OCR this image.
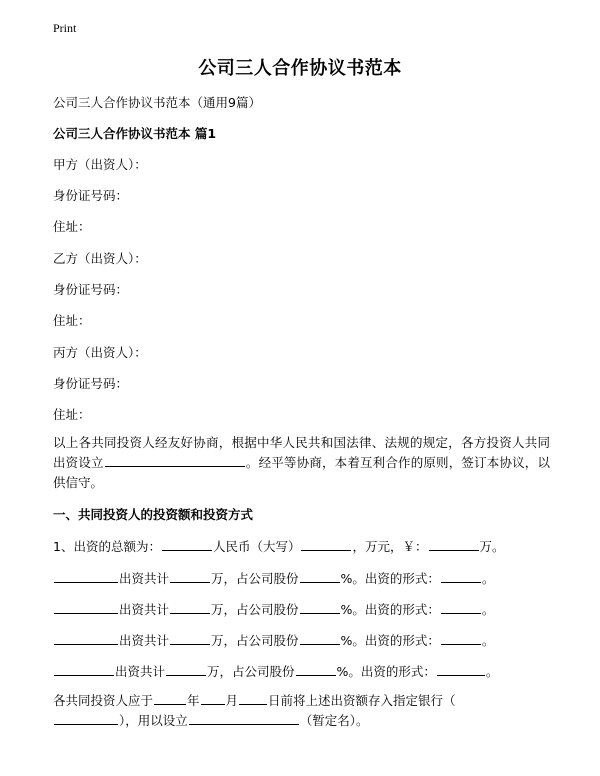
Print
公司三人合作协议书范本
公司三人合作协议书范本（通用9篇）
公司三人合作协议书范本 篇1
甲方（出资人）：
身份证号码：
住址：
乙方（出资人）：
身份证号码：
住址：
丙方（出资人）：
身份证号码：
住址：
以上各共同投资人经友好协商，根据中华人民共和国法律、法规的规定，各方投资人共同出资设立	。经平等协商，本着互利合作的原则，签订本协议，以供信守。
一、共同投资人的投资额和投资方式
1、出资的总额为：	人民币（大写）	，万元，￥：	万。
出资共计	万，占公司股份	%。出资的形式：	。
出资共计	万，占公司股份	%。出资的形式：	。
出资共计	万，占公司股份	%。出资的形式：	。
出资共计	万，占公司股份	%。出资的形式：	。
各共同投资人应于	年 月 日前将上述出资额存入指定银行（
），用以设立	（暂定名）。
